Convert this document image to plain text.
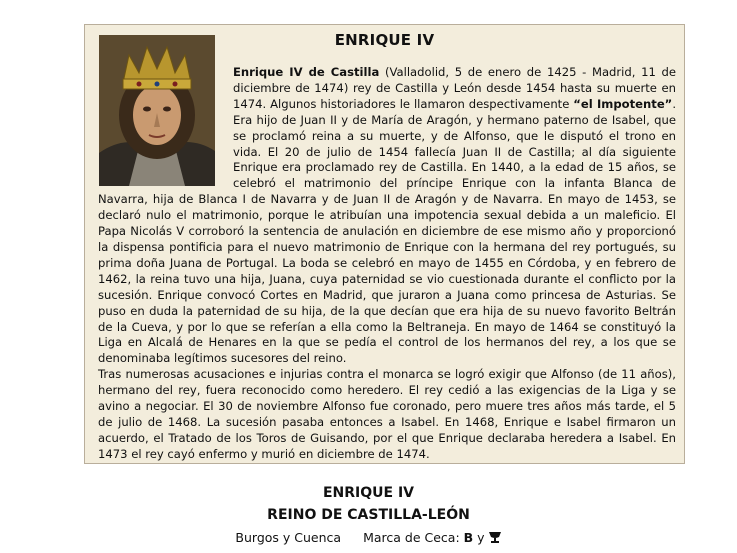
ENRIQUE IV

Enrique IV de Castilla (Valladolid, 5 de enero de 1425 - Madrid, 11 de diciembre de 1474) rey de Castilla y León desde 1454 hasta su muerte en 1474. Algunos historiadores le llamaron despectivamente “el Impotente”. Era hijo de Juan II y de María de Aragón, y hermano paterno de Isabel, que se proclamó reina a su muerte, y de Alfonso, que le disputó el trono en vida. El 20 de julio de 1454 fallecía Juan II de Castilla; al día siguiente Enrique era proclamado rey de Castilla. En 1440, a la edad de 15 años, se celebró el matrimonio del príncipe Enrique con la infanta Blanca de Navarra, hija de Blanca I de Navarra y de Juan II de Aragón y de Navarra. En mayo de 1453, se declaró nulo el matrimonio, porque le atribuían una impotencia sexual debida a un maleficio. El Papa Nicolás V corroboró la sentencia de anulación en diciembre de ese mismo año y proporcionó la dispensa pontificia para el nuevo matrimonio de Enrique con la hermana del rey portugués, su prima doña Juana de Portugal. La boda se celebró en mayo de 1455 en Córdoba, y en febrero de 1462, la reina tuvo una hija, Juana, cuya paternidad se vio cuestionada durante el conflicto por la sucesión. Enrique convocó Cortes en Madrid, que juraron a Juana como princesa de Asturias. Se puso en duda la paternidad de su hija, de la que decían que era hija de su nuevo favorito Beltrán de la Cueva, y por lo que se referían a ella como la Beltraneja. En mayo de 1464 se constituyó la Liga en Alcalá de Henares en la que se pedía el control de los hermanos del rey, a los que se denominaba legítimos sucesores del reino.

Tras numerosas acusaciones e injurias contra el monarca se logró exigir que Alfonso (de 11 años), hermano del rey, fuera reconocido como heredero. El rey cedió a las exigencias de la Liga y se avino a negociar. El 30 de noviembre Alfonso fue coronado, pero muere tres años más tarde, el 5 de julio de 1468. La sucesión pasaba entonces a Isabel. En 1468, Enrique e Isabel firmaron un acuerdo, el Tratado de los Toros de Guisando, por el que Enrique declaraba heredera a Isabel. En 1473 el rey cayó enfermo y murió en diciembre de 1474.

ENRIQUE IV
REINO DE CASTILLA-LEÓN
Burgos y Cuenca Marca de Ceca: B y
